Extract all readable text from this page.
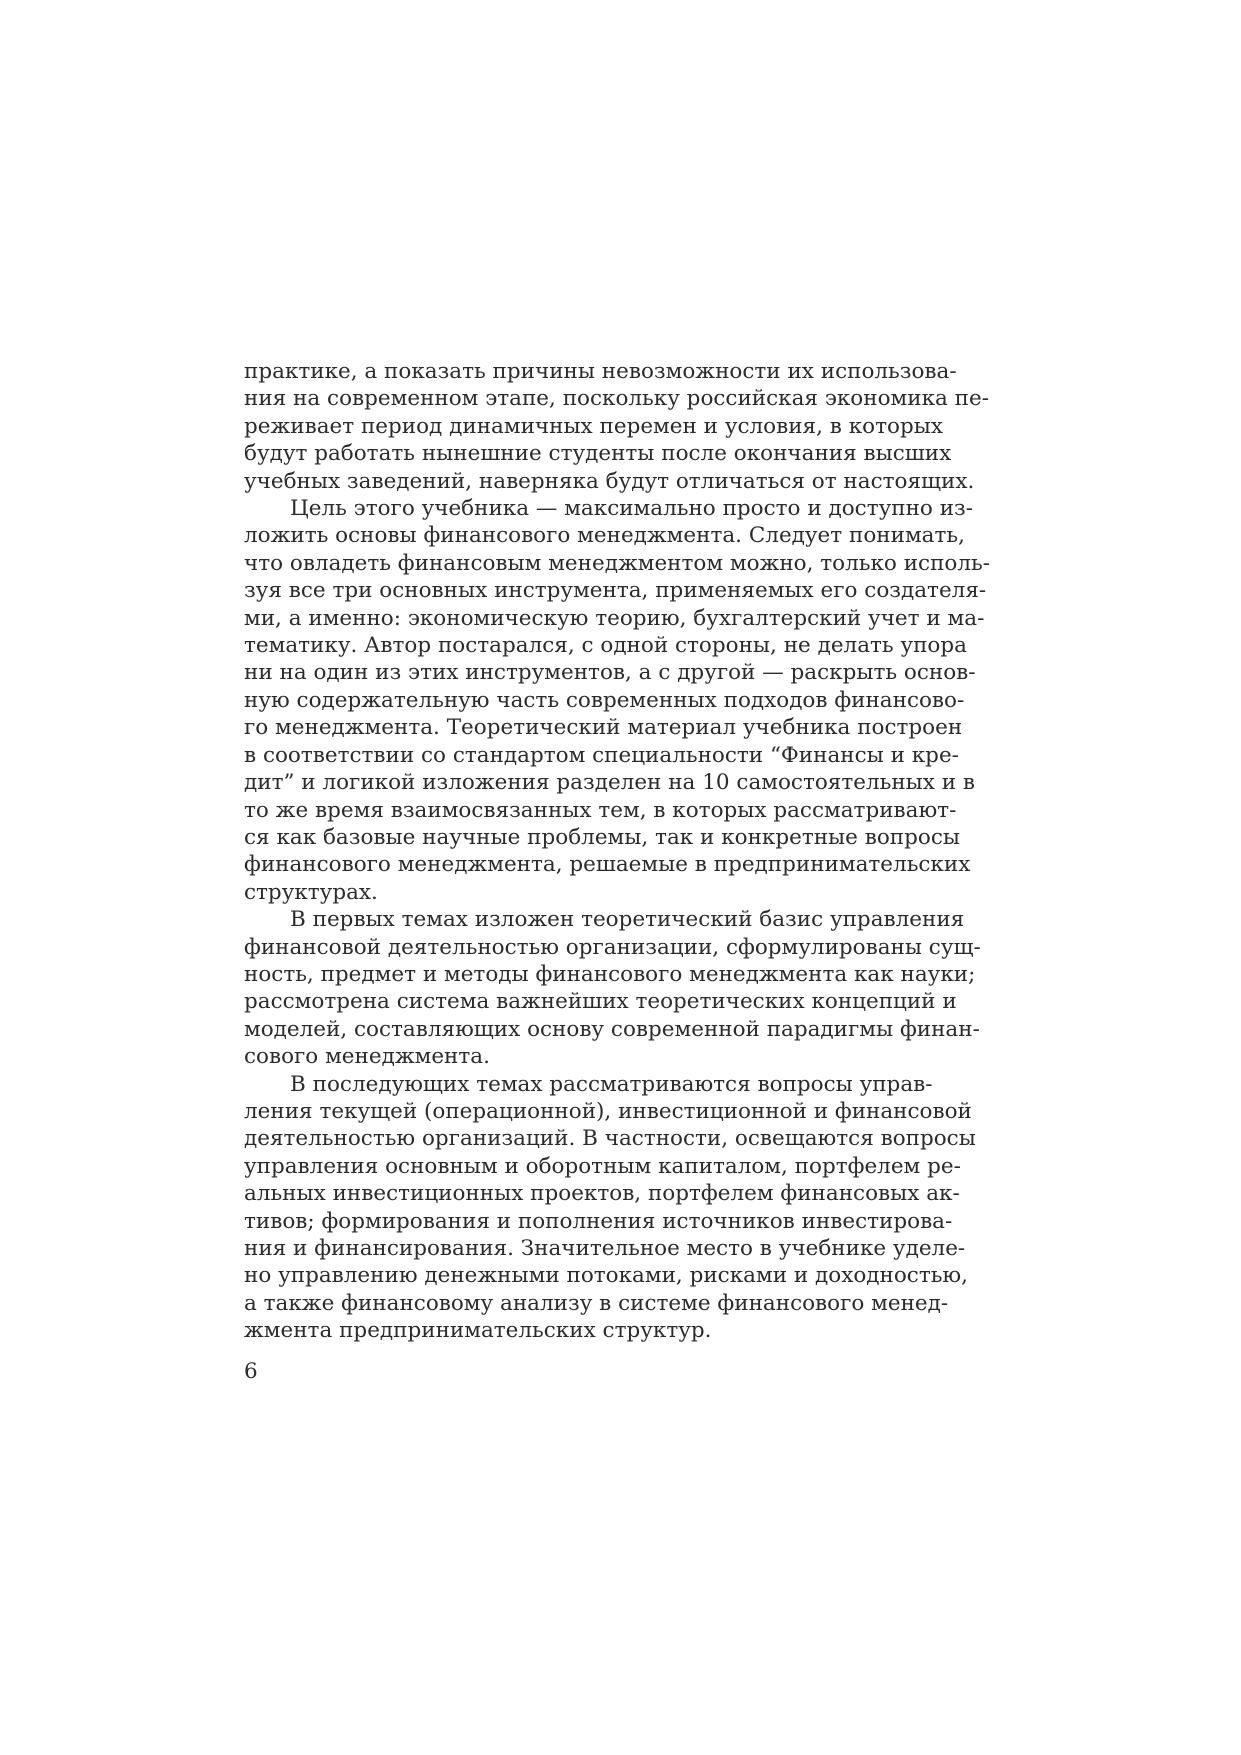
практике, а показать причины невозможности их использова-
ния на современном этапе, поскольку российская экономика пе-
реживает период динамичных перемен и условия, в которых
будут работать нынешние студенты после окончания высших
учебных заведений, наверняка будут отличаться от настоящих.
Цель этого учебника — максимально просто и доступно из-
ложить основы финансового менеджмента. Следует понимать,
что овладеть финансовым менеджментом можно, только исполь-
зуя все три основных инструмента, применяемых его создателя-
ми, а именно: экономическую теорию, бухгалтерский учет и ма-
тематику. Автор постарался, с одной стороны, не делать упора
ни на один из этих инструментов, а с другой — раскрыть основ-
ную содержательную часть современных подходов финансово-
го менеджмента. Теоретический материал учебника построен
в соответствии со стандартом специальности “Финансы и кре-
дит” и логикой изложения разделен на 10 самостоятельных и в
то же время взаимосвязанных тем, в которых рассматривают-
ся как базовые научные проблемы, так и конкретные вопросы
финансового менеджмента, решаемые в предпринимательских
структурах.
В первых темах изложен теоретический базис управления
финансовой деятельностью организации, сформулированы сущ-
ность, предмет и методы финансового менеджмента как науки;
рассмотрена система важнейших теоретических концепций и
моделей, составляющих основу современной парадигмы финан-
сового менеджмента.
В последующих темах рассматриваются вопросы управ-
ления текущей (операционной), инвестиционной и финансовой
деятельностью организаций. В частности, освещаются вопросы
управления основным и оборотным капиталом, портфелем ре-
альных инвестиционных проектов, портфелем финансовых ак-
тивов; формирования и пополнения источников инвестирова-
ния и финансирования. Значительное место в учебнике уделе-
но управлению денежными потоками, рисками и доходностью,
а также финансовому анализу в системе финансового менед-
жмента предпринимательских структур.
6
